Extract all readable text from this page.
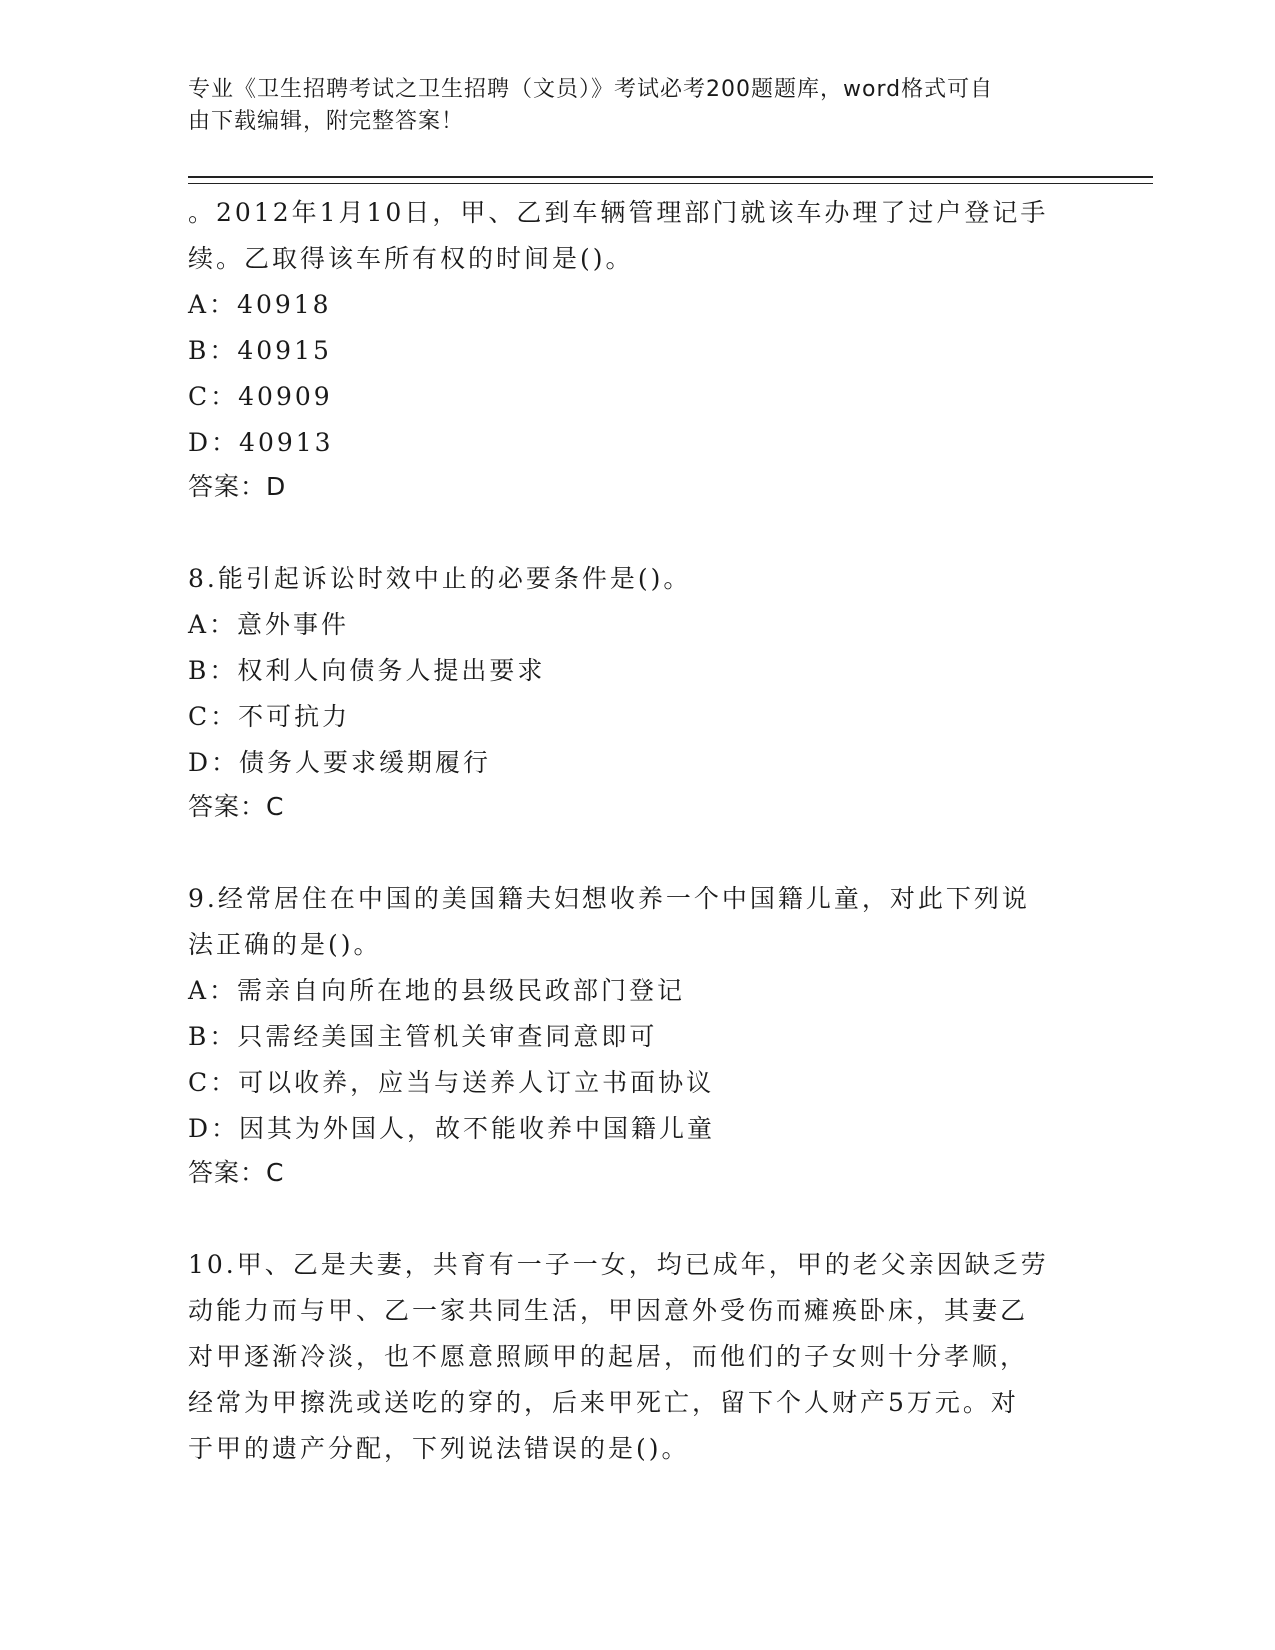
专业《卫生招聘考试之卫生招聘（文员）》考试必考200题题库，word格式可自
由下载编辑，附完整答案！
。2012年1月10日，甲、乙到车辆管理部门就该车办理了过户登记手
续。乙取得该车所有权的时间是()。
A：40918
B：40915
C：40909
D：40913
答案：D
8.能引起诉讼时效中止的必要条件是()。
A：意外事件
B：权利人向债务人提出要求
C：不可抗力
D：债务人要求缓期履行
答案：C
9.经常居住在中国的美国籍夫妇想收养一个中国籍儿童，对此下列说
法正确的是()。
A：需亲自向所在地的县级民政部门登记
B：只需经美国主管机关审查同意即可
C：可以收养，应当与送养人订立书面协议
D：因其为外国人，故不能收养中国籍儿童
答案：C
10.甲、乙是夫妻，共育有一子一女，均已成年，甲的老父亲因缺乏劳
动能力而与甲、乙一家共同生活，甲因意外受伤而瘫痪卧床，其妻乙
对甲逐渐冷淡，也不愿意照顾甲的起居，而他们的子女则十分孝顺，
经常为甲擦洗或送吃的穿的，后来甲死亡，留下个人财产5万元。对
于甲的遗产分配，下列说法错误的是()。
